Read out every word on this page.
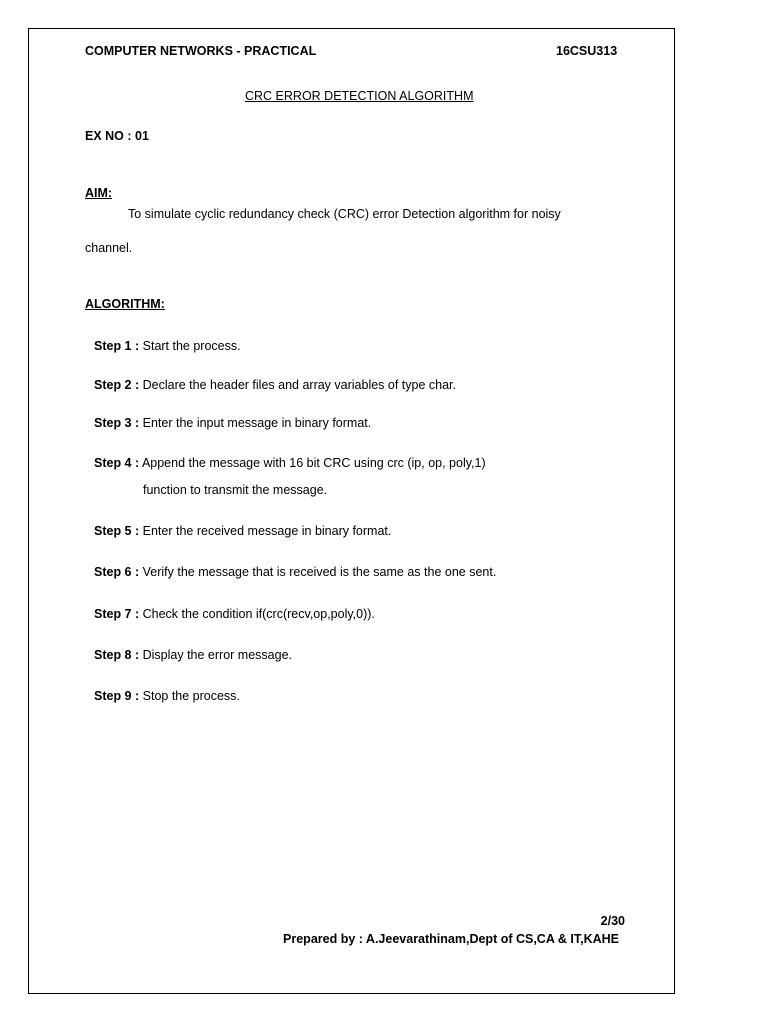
COMPUTER NETWORKS - PRACTICAL	16CSU313
CRC ERROR DETECTION ALGORITHM
EX NO : 01
AIM:
To simulate cyclic redundancy check (CRC) error Detection algorithm for noisy
channel.
ALGORITHM:
Step 1 : Start the process.
Step 2 : Declare the header files and array variables of type char.
Step 3 : Enter the input message in binary format.
Step 4 : Append the message with 16 bit CRC using crc (ip, op, poly,1)
function to transmit the message.
Step 5 : Enter the received message in binary format.
Step 6 : Verify the message that is received is the same as the one sent.
Step 7 : Check the condition if(crc(recv,op,poly,0)).
Step 8 : Display the error message.
Step 9 : Stop the process.
2/30
Prepared by : A.Jeevarathinam,Dept of CS,CA & IT,KAHE
